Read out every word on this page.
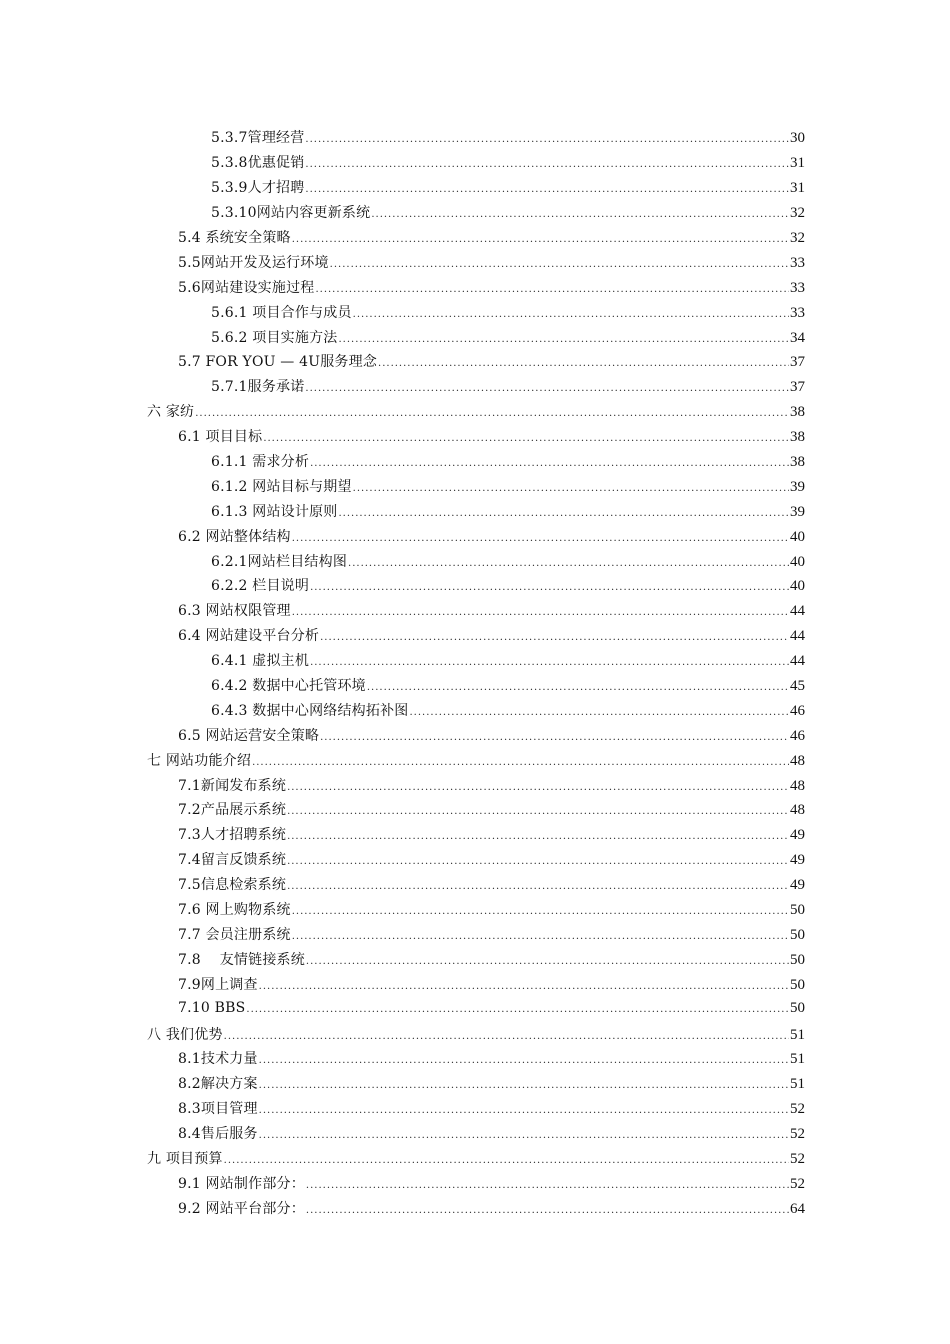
5.3.7管理经营 .....	30
5.3.8优惠促销 .....	31
5.3.9人才招聘 .....	31
5.3.10网站内容更新系统 .....	32
5.4 系统安全策略 .....	32
5.5网站开发及运行环境 .....	33
5.6网站建设实施过程 .....	33
5.6.1 项目合作与成员 .....	33
5.6.2 项目实施方法 .....	34
5.7 FOR YOU — 4U服务理念 .....	37
5.7.1服务承诺 .....	37
六 家纺 .....	38
6.1 项目目标 .....	38
6.1.1 需求分析 .....	38
6.1.2 网站目标与期望 .....	39
6.1.3 网站设计原则 .....	39
6.2 网站整体结构 .....	40
6.2.1网站栏目结构图 .....	40
6.2.2 栏目说明 .....	40
6.3 网站权限管理 .....	44
6.4 网站建设平台分析 .....	44
6.4.1 虚拟主机 .....	44
6.4.2 数据中心托管环境 .....	45
6.4.3 数据中心网络结构拓补图 .....	46
6.5 网站运营安全策略 .....	46
七 网站功能介绍 .....	48
7.1新闻发布系统 .....	48
7.2产品展示系统 .....	48
7.3人才招聘系统 .....	49
7.4留言反馈系统 .....	49
7.5信息检索系统 .....	49
7.6 网上购物系统 .....	50
7.7 会员注册系统 .....	50
7.8 　友情链接系统 .....	50
7.9网上调查 .....	50
7.10 BBS .....	50
八 我们优势 .....	51
8.1技术力量 .....	51
8.2解决方案 .....	51
8.3项目管理 .....	52
8.4售后服务 .....	52
九 项目预算 .....	52
9.1 网站制作部分： .....	52
9.2 网站平台部分： .....	64
